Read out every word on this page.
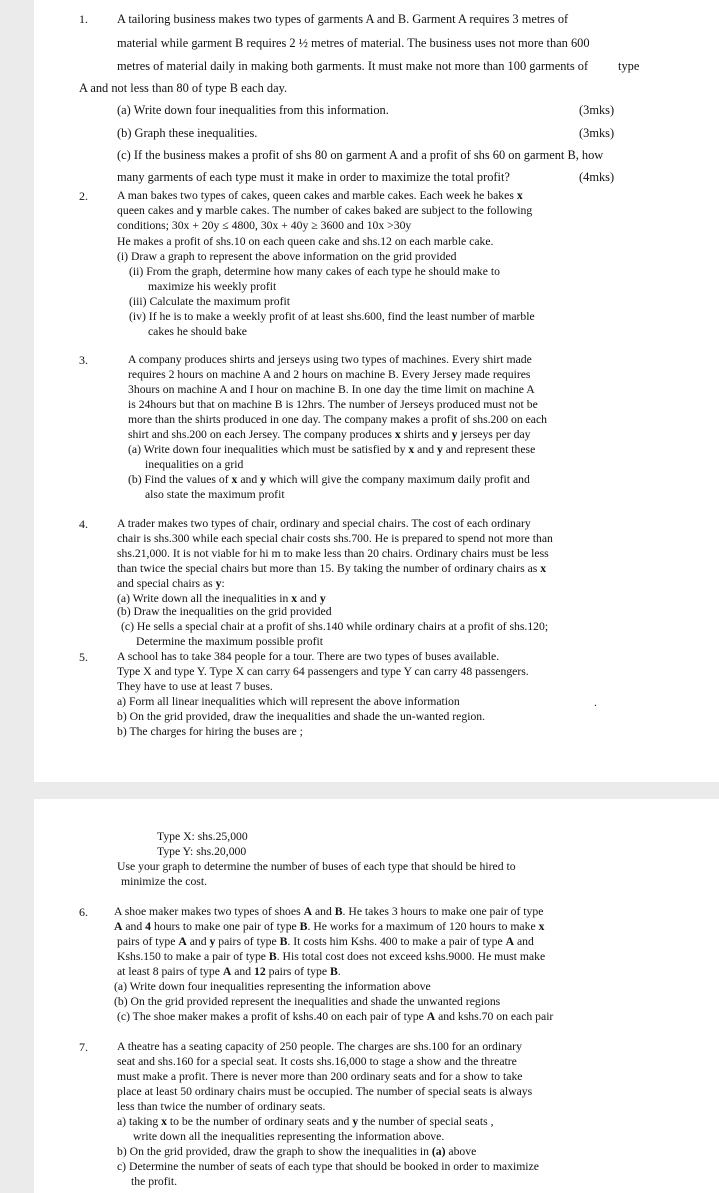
1. A tailoring business makes two types of garments A and B. Garment A requires 3 metres of
material while garment B requires 2 ½ metres of material. The business uses not more than 600
metres of material daily in making both garments. It must make not more than 100 garments of type
A and not less than 80 of type B each day.
(a) Write down four inequalities from this information.	(3mks)
(b) Graph these inequalities.	(3mks)
(c) If the business makes a profit of shs 80 on garment A and a profit of shs 60 on garment B, how
many garments of each type must it make in order to maximize the total profit?	(4mks)
2. A man bakes two types of cakes, queen cakes and marble cakes. Each week he bakes x
queen cakes and y marble cakes. The number of cakes baked are subject to the following
conditions; 30x + 20y ≤ 4800, 30x + 40y ≥ 3600 and 10x >30y
He makes a profit of shs.10 on each queen cake and shs.12 on each marble cake.
(i) Draw a graph to represent the above information on the grid provided
(ii) From the graph, determine how many cakes of each type he should make to
maximize his weekly profit
(iii) Calculate the maximum profit
(iv) If he is to make a weekly profit of at least shs.600, find the least number of marble
cakes he should bake
3.	A company produces shirts and jerseys using two types of machines. Every shirt made
requires 2 hours on machine A and 2 hours on machine B. Every Jersey made requires
3hours on machine A and I hour on machine B. In one day the time limit on machine A
is 24hours but that on machine B is 12hrs. The number of Jerseys produced must not be
more than the shirts produced in one day. The company makes a profit of shs.200 on each
shirt and shs.200 on each Jersey. The company produces x shirts and y jerseys per day
(a) Write down four inequalities which must be satisfied by x and y and represent these
inequalities on a grid
(b) Find the values of x and y which will give the company maximum daily profit and
also state the maximum profit
4. A trader makes two types of chair, ordinary and special chairs. The cost of each ordinary
chair is shs.300 while each special chair costs shs.700. He is prepared to spend not more than
shs.21,000. It is not viable for hi m to make less than 20 chairs. Ordinary chairs must be less
than twice the special chairs but more than 15. By taking the number of ordinary chairs as x
and special chairs as y:
(a) Write down all the inequalities in x and y
(b) Draw the inequalities on the grid provided
(c) He sells a special chair at a profit of shs.140 while ordinary chairs at a profit of shs.120;
Determine the maximum possible profit
5. A school has to take 384 people for a tour. There are two types of buses available.
Type X and type Y. Type X can carry 64 passengers and type Y can carry 48 passengers.
They have to use at least 7 buses.
a) Form all linear inequalities which will represent the above information	.
b) On the grid provided, draw the inequalities and shade the un-wanted region.
b) The charges for hiring the buses are ;
Type X: shs.25,000
Type Y: shs.20,000
Use your graph to determine the number of buses of each type that should be hired to
minimize the cost.
6. A shoe maker makes two types of shoes A and B. He takes 3 hours to make one pair of type
A and 4 hours to make one pair of type B. He works for a maximum of 120 hours to make x
pairs of type A and y pairs of type B. It costs him Kshs. 400 to make a pair of type A and
Kshs.150 to make a pair of type B. His total cost does not exceed kshs.9000. He must make
at least 8 pairs of type A and 12 pairs of type B.
(a) Write down four inequalities representing the information above
(b) On the grid provided represent the inequalities and shade the unwanted regions
(c) The shoe maker makes a profit of kshs.40 on each pair of type A and kshs.70 on each pair
7. A theatre has a seating capacity of 250 people. The charges are shs.100 for an ordinary
seat and shs.160 for a special seat. It costs shs.16,000 to stage a show and the threatre
must make a profit. There is never more than 200 ordinary seats and for a show to take
place at least 50 ordinary chairs must be occupied. The number of special seats is always
less than twice the number of ordinary seats.
a) taking x to be the number of ordinary seats and y the number of special seats ,
write down all the inequalities representing the information above.
b) On the grid provided, draw the graph to show the inequalities in (a) above
c) Determine the number of seats of each type that should be booked in order to maximize
the profit.
